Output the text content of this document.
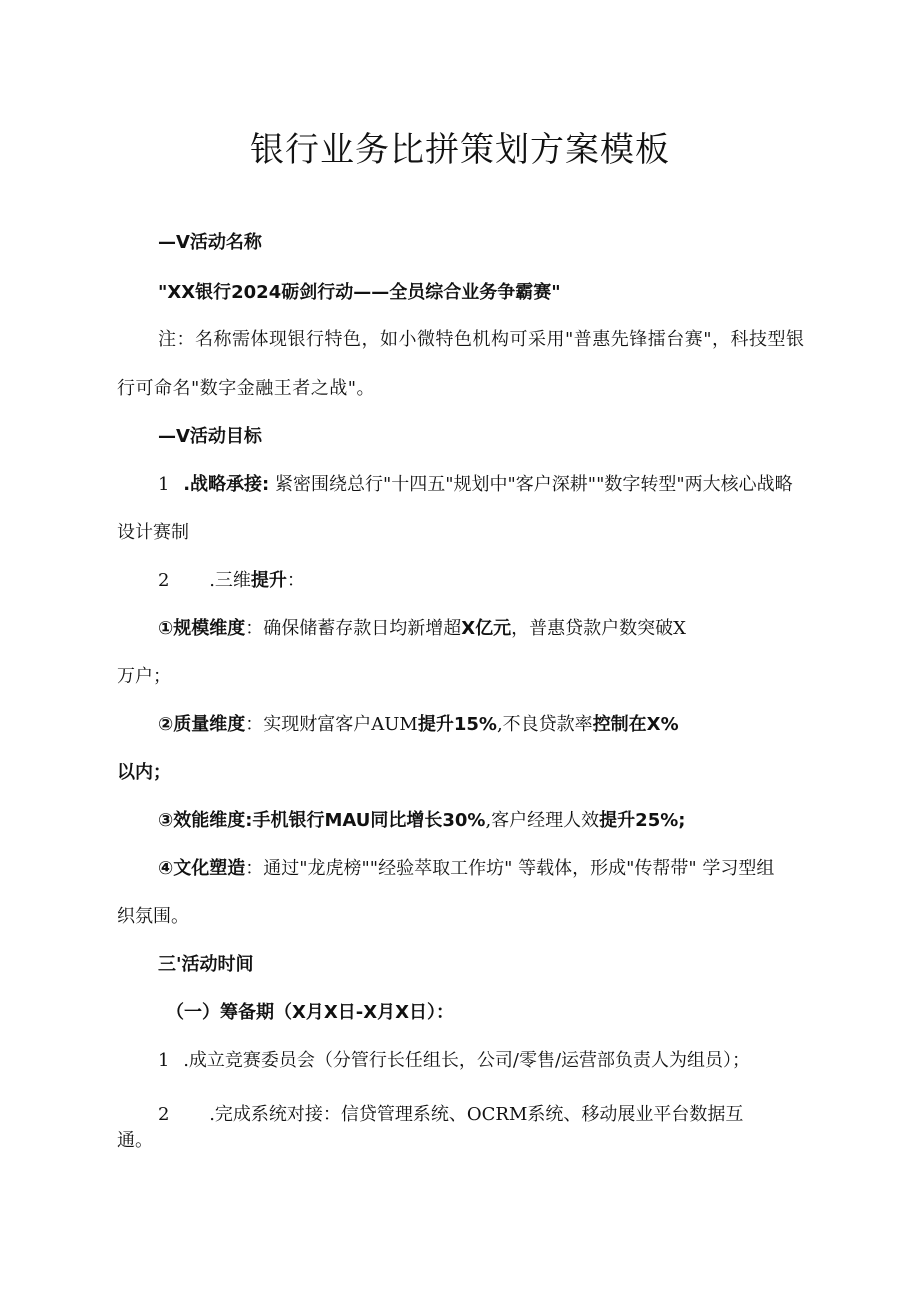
银行业务比拼策划方案模板
—V活动名称
"XX银行2024砺剑行动——全员综合业务争霸赛"
注：名称需体现银行特色，如小微特色机构可采用"普惠先锋擂台赛"，科技型银
行可命名"数字金融王者之战"。
—V活动目标
1 .战略承接: 紧密围绕总行"十四五"规划中"客户深耕""数字转型"两大核心战略
设计赛制
2 .三维提升：
①规模维度：确保储蓄存款日均新增超X亿元，普惠贷款户数突破X
万户；
②质量维度：实现财富客户AUM提升15%,不良贷款率控制在X%
以内；
③效能维度:手机银行MAU同比增长30%,客户经理人效提升25%;
④文化塑造：通过"龙虎榜""经验萃取工作坊" 等载体，形成"传帮带" 学习型组
织氛围。
三'活动时间
（一）筹备期（X月X日-X月X日）：
1 .成立竞赛委员会（分管行长任组长，公司/零售/运营部负责人为组员）；
2 .完成系统对接：信贷管理系统、OCRM系统、移动展业平台数据互
通。
